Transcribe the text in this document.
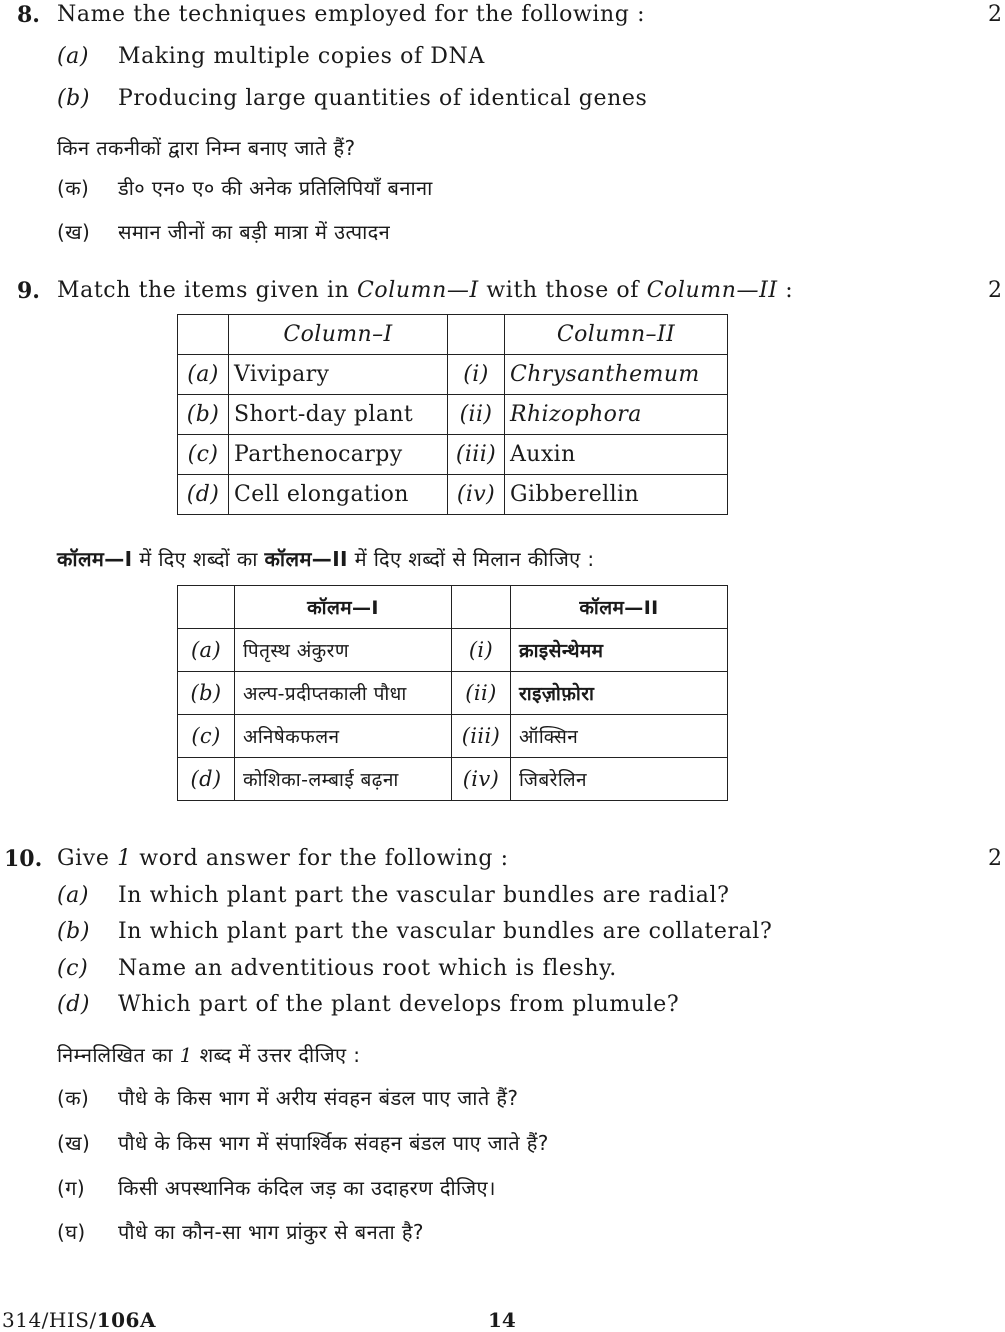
8. Name the techniques employed for the following :	2
(a) Making multiple copies of DNA
(b) Producing large quantities of identical genes
किन तकनीकों द्वारा निम्न बनाए जाते हैं?
(क) डी० एन० ए० की अनेक प्रतिलिपियाँ बनाना
(ख) समान जीनों का बड़ी मात्रा में उत्पादन
9. Match the items given in Column—I with those of Column—II :	2
	Column–I		Column–II
(a)	Vivipary	(i)	Chrysanthemum
(b)	Short-day plant	(ii)	Rhizophora
(c)	Parthenocarpy	(iii)	Auxin
(d)	Cell elongation	(iv)	Gibberellin
कॉलम—I में दिए शब्दों का कॉलम—II में दिए शब्दों से मिलान कीजिए :
	कॉलम—I		कॉलम—II
(a)	पितृस्थ अंकुरण	(i)	क्राइसेन्थेमम
(b)	अल्प-प्रदीप्तकाली पौधा	(ii)	राइज़ोफ़ोरा
(c)	अनिषेकफलन	(iii)	ऑक्सिन
(d)	कोशिका-लम्बाई बढ़ना	(iv)	जिबरेलिन
10. Give 1 word answer for the following :	2
(a) In which plant part the vascular bundles are radial?
(b) In which plant part the vascular bundles are collateral?
(c) Name an adventitious root which is fleshy.
(d) Which part of the plant develops from plumule?
निम्नलिखित का 1 शब्द में उत्तर दीजिए :
(क) पौधे के किस भाग में अरीय संवहन बंडल पाए जाते हैं?
(ख) पौधे के किस भाग में संपार्श्विक संवहन बंडल पाए जाते हैं?
(ग) किसी अपस्थानिक कंदिल जड़ का उदाहरण दीजिए।
(घ) पौधे का कौन-सा भाग प्रांकुर से बनता है?
314/HIS/106A	14
